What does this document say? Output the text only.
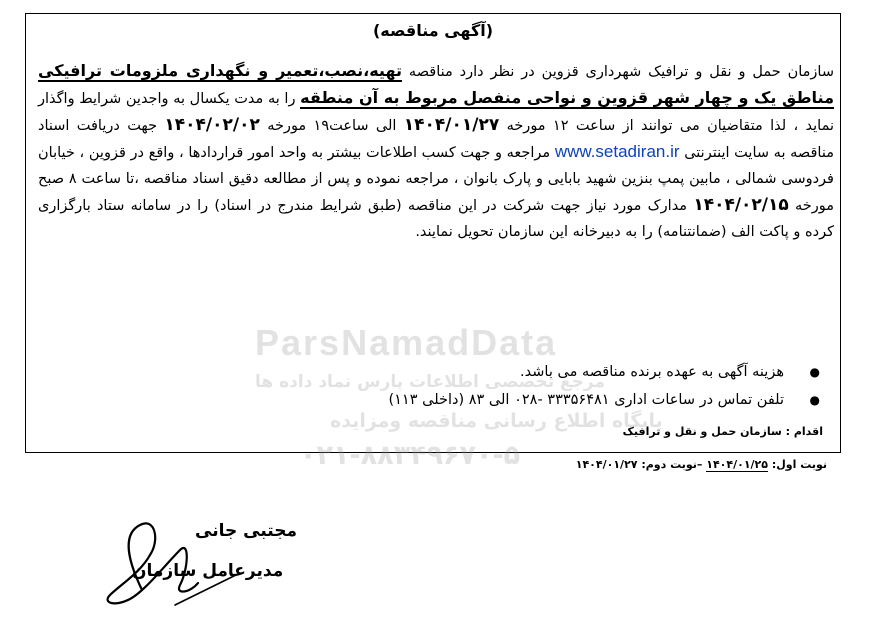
ParsNamadData
مرجع تخصصی اطلاعات پارس نماد داده ها
پایگاه اطلاع رسانی مناقصه ومزایده
۰۲۱-۸۸۳۴۹۶۷۰-۵
(آگهی مناقصه)
سازمان حمل و نقل و ترافیک شهرداری قزوین در نظر دارد مناقصه تهیه،نصب،تعمیر و نگهداری ملزومات ترافیکی مناطق یک و چهار شهر قزوین و نواحی منفصل مربوط به آن منطقه را به مدت یکسال به واجدین شرایط واگذار نماید ، لذا متقاضیان می توانند از ساعت ۱۲ مورخه ۱۴۰۴/۰۱/۲۷ الی ساعت۱۹ مورخه ۱۴۰۴/۰۲/۰۲ جهت دریافت اسناد مناقصه به سایت اینترنتی www.setadiran.ir مراجعه و جهت کسب اطلاعات بیشتر به واحد امور قراردادها ، واقع در قزوین ، خیابان فردوسی شمالی ، مابین پمپ بنزین شهید بابایی و پارک بانوان ، مراجعه نموده و پس از مطالعه دقیق اسناد مناقصه ،تا ساعت ۸ صبح مورخه ۱۴۰۴/۰۲/۱۵ مدارک مورد نیاز جهت شرکت در این مناقصه (طبق شرایط مندرج در اسناد) را در سامانه ستاد بارگزاری کرده و پاکت الف (ضمانتنامه) را به دبیرخانه این سازمان تحویل نمایند.
● هزینه آگهی به عهده برنده مناقصه می باشد.
● تلفن تماس در ساعات اداری ۳۳۳۵۶۴۸۱ -۰۲۸ الی ۸۳ (داخلی ۱۱۳)
اقدام : سازمان حمل و نقل و ترافیک
نوبت اول: ۱۴۰۴/۰۱/۲۵ –نوبت دوم: ۱۴۰۴/۰۱/۲۷
مجتبی جانی
مدیرعامل سازمان
